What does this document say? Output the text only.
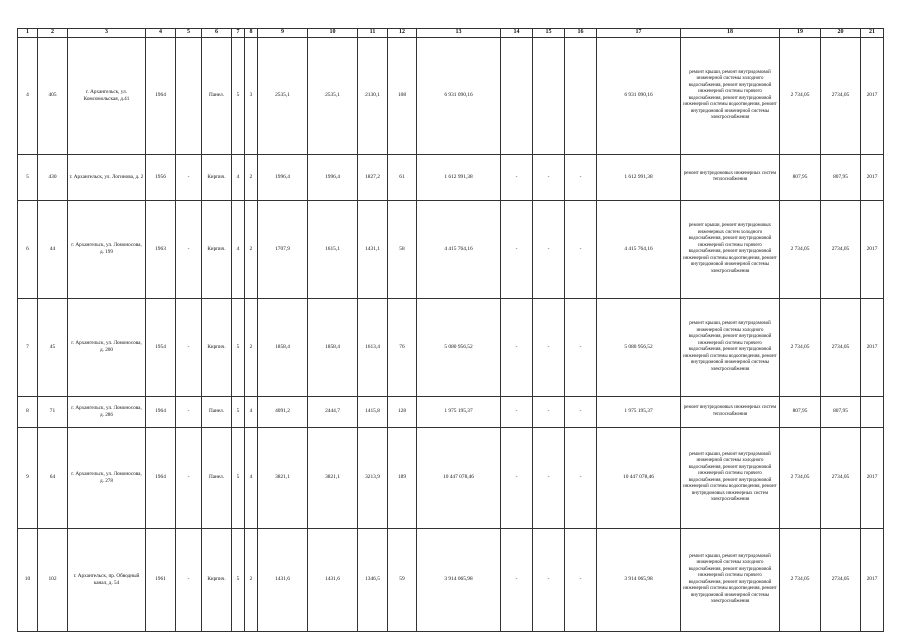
1	2	3	4	5	6	7	8	9	10	11	12	13	14	15	16	17	18	19	20	21
4	405	г. Архангельск, ул. Комсомольская, д.41	1964		Панел.	5	3	2535,1	2535,1	2130,1	108	6 931 090,16				6 931 090,16	ремонт крыши, ремонт внутридомовой инженерной системы холодного водоснабжения, ремонт внутридомовой инженерной системы горячего водоснабжения, ремонт внутридомовой инженерной системы водоотведения, ремонт внутридомовой инженерной системы электроснабжения	2 734,05	2734,05	2017
5	430	г. Архангельск, ул. Логинова, д. 2	1956	-	Кирпич.	4	2	1996,4	1996,4	1827,2	61	1 612 991,38	-	-	-	1 612 991,38	ремонт внутридомовых инженерных систем теплоснабжения	807,95	807,95	2017
6	44	г. Архангельск, ул. Ломоносова, д. 199	1963	-	Кирпич.	4	2	1707,9	1615,1	1431,1	58	4 415 764,16	-	-	-	4 415 764,16	ремонт крыши, ремонт внутридомовых инженерных систем холодного водоснабжения, ремонт внутридомовой инженерной системы горячего водоснабжения, ремонт внутридомовой инженерной системы водоотведения, ремонт внутридомовой инженерной системы электроснабжения	2 734,05	2734,05	2017
7	45	г. Архангельск, ул. Ломоносова, д. 200	1954	-	Кирпич.	5	2	1858,4	1858,4	1613,4	76	5 080 956,52	-	-	-	5 080 956,52	ремонт крыши, ремонт внутридомовой инженерной системы холодного водоснабжения, ремонт внутридомовой инженерной системы горячего водоснабжения, ремонт внутридомовой инженерной системы водоотведения, ремонт внутридомовой инженерной системы электроснабжения	2 734,05	2734,05	2017
8	71	г. Архангельск, ул. Ломоносова, д. 286	1964	-	Панел.	5	4	4091,2	2444,7	1415,8	128	1 975 195,37	-	-	-	1 975 195,37	ремонт внутридомовых инженерных систем теплоснабжения	807,95	807,95	
9	64	г. Архангельск, ул. Ломоносова, д. 278	1964	-	Панел.	5	4	3821,1	3821,1	3213,9	189	10 447 078,46	-	-	-	10 447 078,46	ремонт крыши, ремонт внутридомовой инженерной системы холодного водоснабжения, ремонт внутридомовой инженерной системы горячего водоснабжения, ремонт внутридомовой инженерной системы водоотведения, ремонт внутридомовых инженерных систем электроснабжения	2 734,05	2734,05	2017
10	102	г. Архангельск, пр. Обводный канал, д. 54	1961	-	Кирпич.	5	2	1431,6	1431,6	1346,5	59	3 914 065,98	-	-	-	3 914 065,98	ремонт крыши, ремонт внутридомовой инженерной системы холодного водоснабжения, ремонт внутридомовой инженерной системы горячего водоснабжения, ремонт внутридомовой инженерной системы водоотведения, ремонт внутридомовой инженерной системы электроснабжения	2 734,05	2734,05	2017
